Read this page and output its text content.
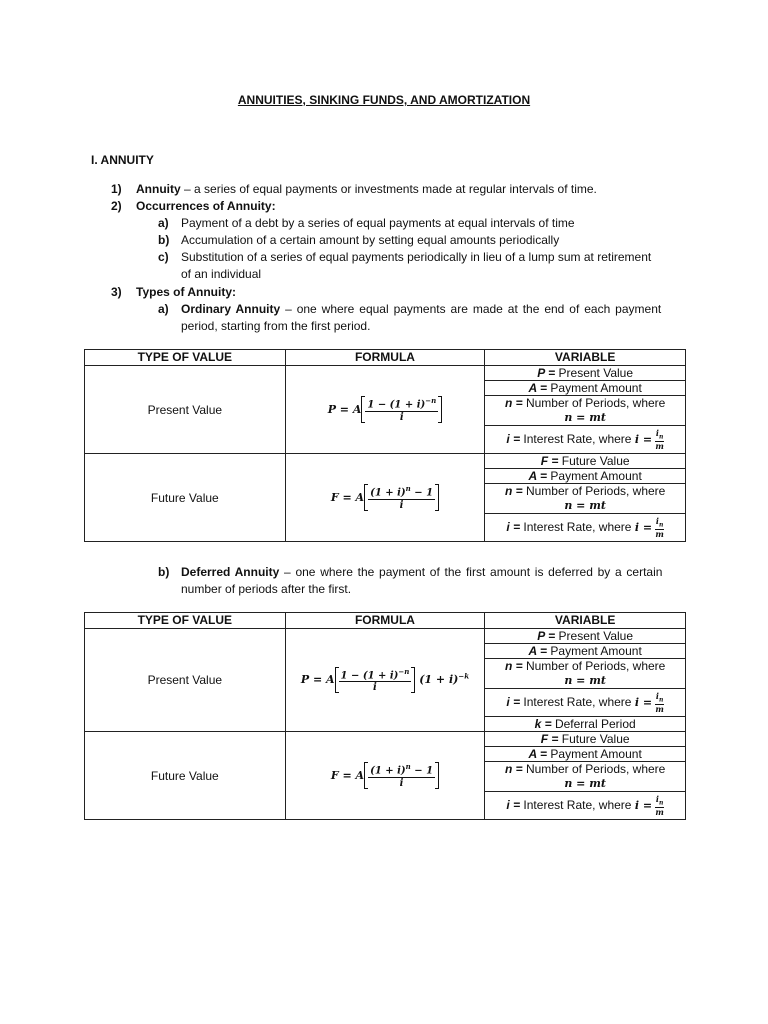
ANNUITIES, SINKING FUNDS, AND AMORTIZATION
I. ANNUITY
1) Annuity – a series of equal payments or investments made at regular intervals of time.
2) Occurrences of Annuity:
a) Payment of a debt by a series of equal payments at equal intervals of time
b) Accumulation of a certain amount by setting equal amounts periodically
c) Substitution of a series of equal payments periodically in lieu of a lump sum at retirement
of an individual
3) Types of Annuity:
a) Ordinary Annuity – one where equal payments are made at the end of each payment
period, starting from the first period.
TYPE OF VALUE	FORMULA	VARIABLE
Present Value	P = A $\frac{1 - (1 + i)^{-n}}{i}$	P = Present Value
		A = Payment Amount
		n = Number of Periods, where
n = mt
		i = Interest Rate, where $i = \frac{i_n}{m}$
Future Value	F = A $\frac{(1 + i)^n - 1}{i}$	F = Future Value
		A = Payment Amount
		n = Number of Periods, where
n = mt
		i = Interest Rate, where $i = \frac{i_n}{m}$
b) Deferred Annuity – one where the payment of the first amount is deferred by a certain
number of periods after the first.
TYPE OF VALUE	FORMULA	VARIABLE
Present Value	P = A $\frac{1 - (1 + i)^{-n}}{i} (1 + i)^{-k}$	P = Present Value
		A = Payment Amount
		n = Number of Periods, where
n = mt
		i = Interest Rate, where $i = \frac{i_n}{m}$
		k = Deferral Period
Future Value	F = A $\frac{(1 + i)^n - 1}{i}$	F = Future Value
		A = Payment Amount
		n = Number of Periods, where
n = mt
		i = Interest Rate, where $i = \frac{i_n}{m}$
